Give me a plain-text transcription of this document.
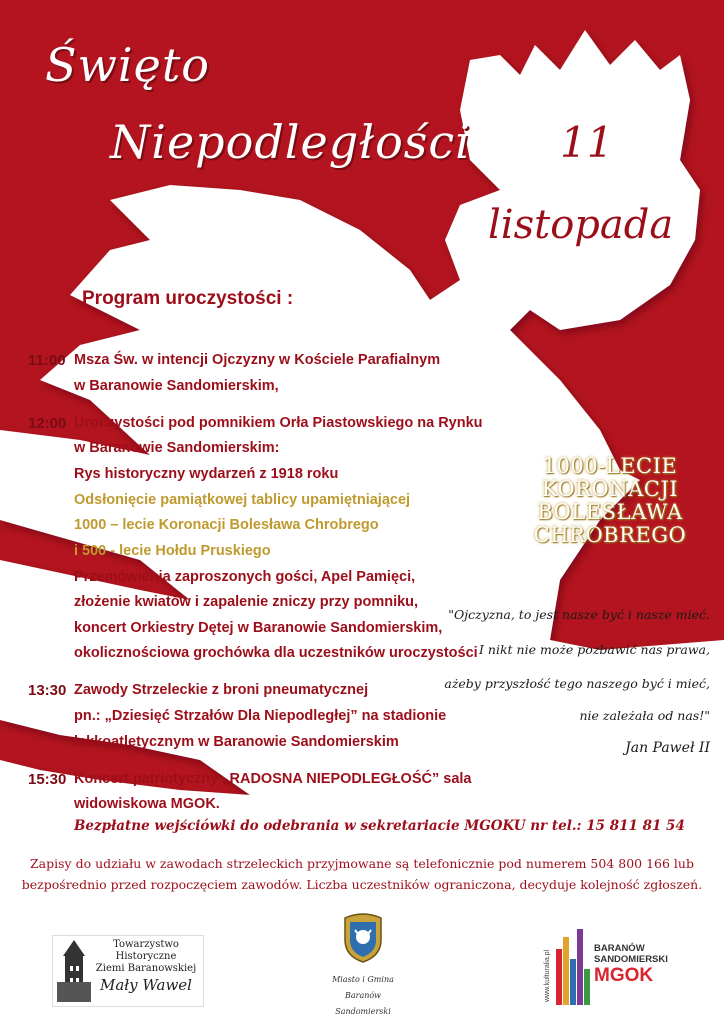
Święto
Niepodległości 11
listopada
Program uroczystości :
11:00 Msza Św. w intencji Ojczyzny w Kościele Parafialnym
w Baranowie Sandomierskim,
12:00 Uroczystości pod pomnikiem Orła Piastowskiego na Rynku
w Baranowie Sandomierskim:
Rys historyczny wydarzeń z 1918 roku
Odsłonięcie pamiątkowej tablicy upamiętniającej
1000 – lecie Koronacji Bolesława Chrobrego
i 500 - lecie Hołdu Pruskiego
Przemówienia zaproszonych gości, Apel Pamięci,
złożenie kwiatów i zapalenie zniczy przy pomniku,
koncert Orkiestry Dętej w Baranowie Sandomierskim,
okolicznościowa grochówka dla uczestników uroczystości
13:30 Zawody Strzeleckie z broni pneumatycznej
pn.: „Dziesięć Strzałów Dla Niepodległej” na stadionie
lekkoatletycznym w Baranowie Sandomierskim
15:30 Koncert patriotyczny „RADOSNA NIEPODLEGŁOŚĆ” sala
widowiskowa MGOK.
Bezpłatne wejściówki do odebrania w sekretariacie MGOKU nr tel.: 15 811 81 54
1000-LECIE
KORONACJI
BOLESŁAWA
CHROBREGO
"Ojczyzna, to jest nasze być i nasze mieć.
I nikt nie może pozbawić nas prawa,
ażeby przyszłość tego naszego być i mieć,
nie zależała od nas!"
Jan Paweł II
Zapisy do udziału w zawodach strzeleckich przyjmowane są telefonicznie pod numerem 504 800 166 lub
bezpośrednio przed rozpoczęciem zawodów. Liczba uczestników ograniczona, decyduje kolejność zgłoszeń.
Towarzystwo
Historyczne
Ziemi Baranowskiej
Mały Wawel	Miasto i Gmina
Baranów Sandomierski
www.kulturalia.pl
BARANÓW
SANDOMIERSKI
MGOK
